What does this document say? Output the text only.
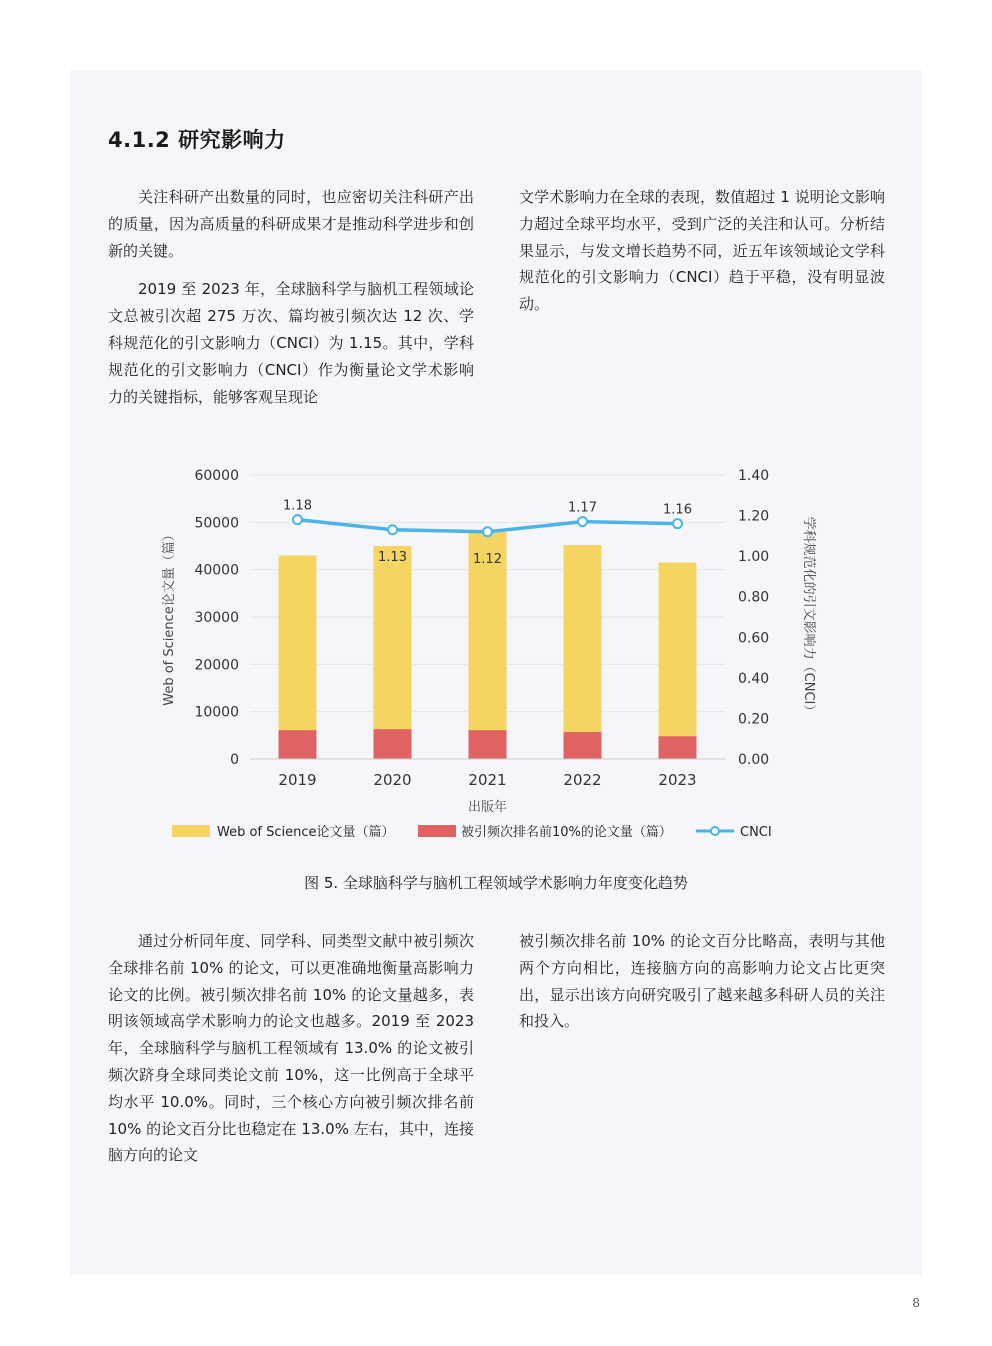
4.1.2 研究影响力

关注科研产出数量的同时，也应密切关注科研产出的质量，因为高质量的科研成果才是推动科学进步和创新的关键。

2019 至 2023 年，全球脑科学与脑机工程领域论文总被引次超 275 万次、篇均被引频次达 12 次、学科规范化的引文影响力（CNCI）为 1.15。其中，学科规范化的引文影响力（CNCI）作为衡量论文学术影响力的关键指标，能够客观呈现论

文学术影响力在全球的表现，数值超过 1 说明论文影响力超过全球平均水平，受到广泛的关注和认可。分析结果显示，与发文增长趋势不同，近五年该领域论文学科规范化的引文影响力（CNCI）趋于平稳，没有明显波动。

1.18
1.13	1.12
1.17	1.16
0
10000
20000
30000
40000
50000
60000
0.00
0.20
0.40
0.60
0.80
1.00
1.20
1.40
2019	2020	2021	2022	2023
Web of Science论文量（篇）	学科规范化的引文影响力（CNCI）
出版年
Web of Science论文量（篇）	被引频次排名前10%的论文量（篇）	CNCI
图 5. 全球脑科学与脑机工程领域学术影响力年度变化趋势

通过分析同年度、同学科、同类型文献中被引频次全球排名前 10% 的论文，可以更准确地衡量高影响力论文的比例。被引频次排名前 10% 的论文量越多，表明该领域高学术影响力的论文也越多。2019 至 2023 年，全球脑科学与脑机工程领域有 13.0% 的论文被引频次跻身全球同类论文前 10%，这一比例高于全球平均水平 10.0%。同时，三个核心方向被引频次排名前 10% 的论文百分比也稳定在 13.0% 左右，其中，连接脑方向的论文

被引频次排名前 10% 的论文百分比略高，表明与其他两个方向相比，连接脑方向的高影响力论文占比更突出，显示出该方向研究吸引了越来越多科研人员的关注和投入。

8
